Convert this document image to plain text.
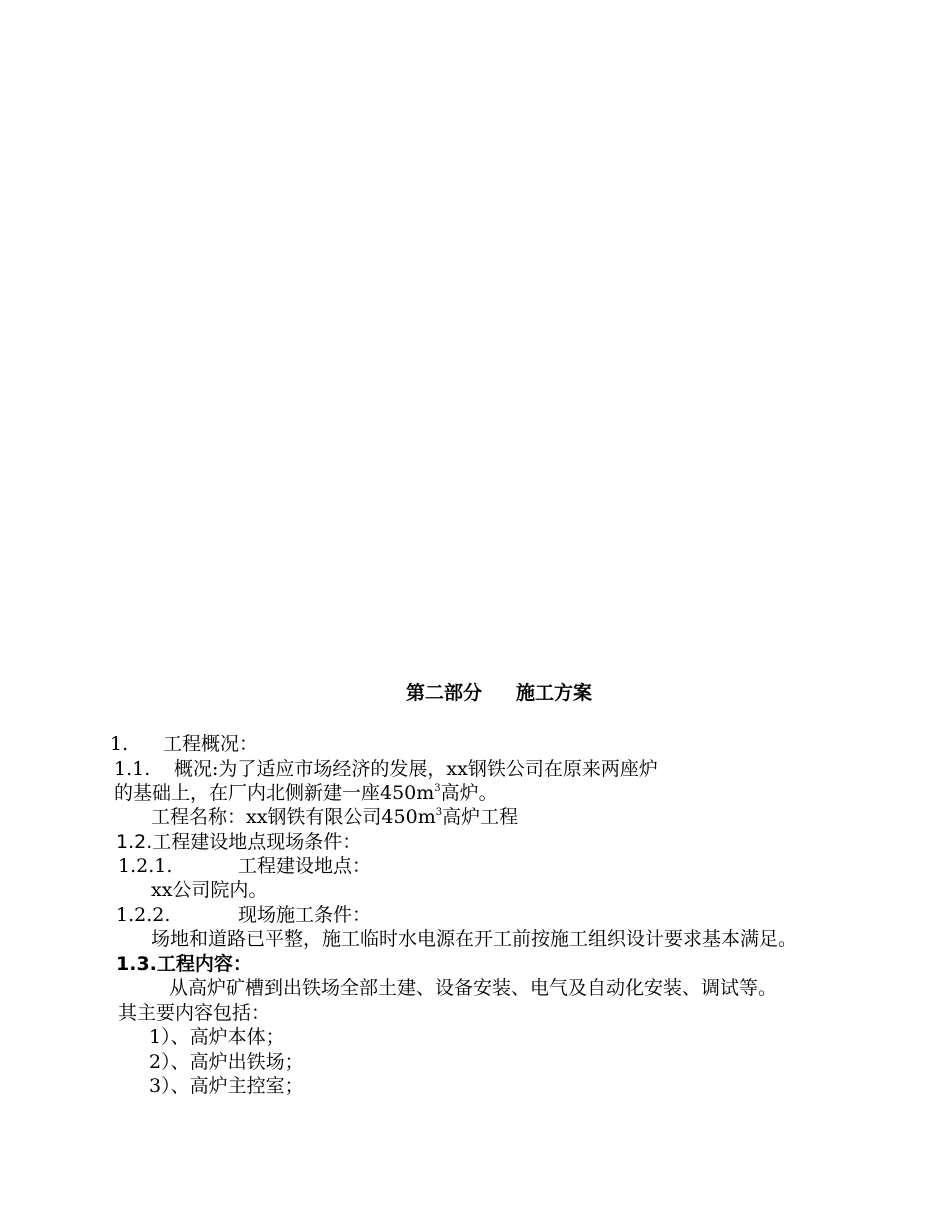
第二部分 施工方案
1. 工程概况：
1.1. 概况:为了适应市场经济的发展，xx钢铁公司在原来两座炉
的基础上，在厂内北侧新建一座$450m^3$高炉。
工程名称：xx钢铁有限公司$450m^3$高炉工程
1.2.工程建设地点现场条件：
1.2.1.	工程建设地点：
xx公司院内。
1.2.2.	现场施工条件：
场地和道路已平整，施工临时水电源在开工前按施工组织设计要求基本满足。
1.3.工程内容：
从高炉矿槽到出铁场全部土建、设备安装、电气及自动化安装、调试等。
其主要内容包括：
1）、高炉本体；
2）、高炉出铁场；
3）、高炉主控室；
